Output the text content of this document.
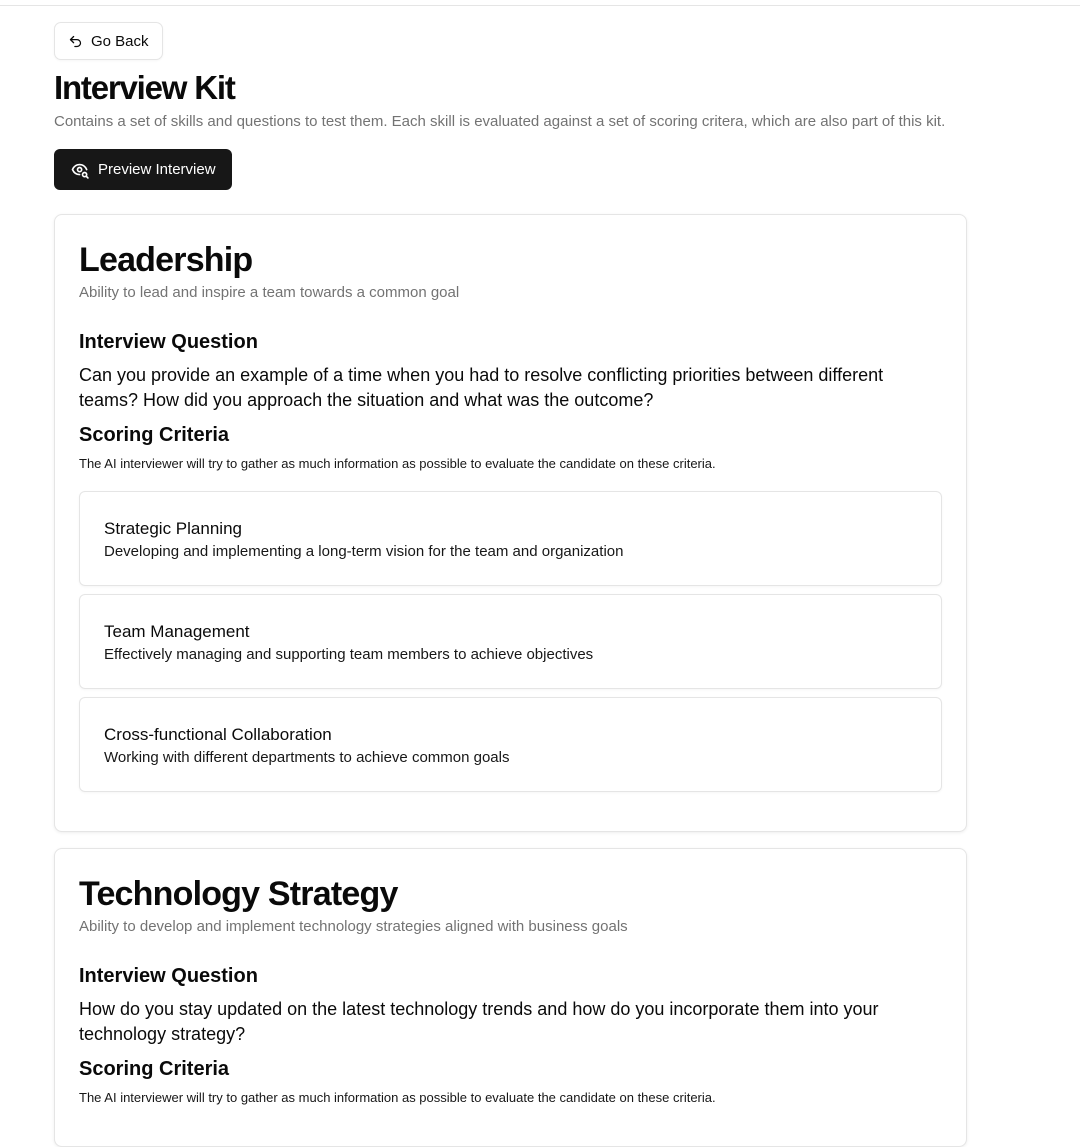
Go Back
Interview Kit

Contains a set of skills and questions to test them. Each skill is evaluated against a set of scoring critera, which are also part of this kit.

Preview Interview
Leadership

Ability to lead and inspire a team towards a common goal

Interview Question

Can you provide an example of a time when you had to resolve conflicting priorities between different teams? How did you approach the situation and what was the outcome?

Scoring Criteria

The AI interviewer will try to gather as much information as possible to evaluate the candidate on these criteria.

Strategic Planning
Developing and implementing a long-term vision for the team and organization
Team Management
Effectively managing and supporting team members to achieve objectives
Cross-functional Collaboration
Working with different departments to achieve common goals
Technology Strategy

Ability to develop and implement technology strategies aligned with business goals

Interview Question

How do you stay updated on the latest technology trends and how do you incorporate them into your technology strategy?

Scoring Criteria

The AI interviewer will try to gather as much information as possible to evaluate the candidate on these criteria.
